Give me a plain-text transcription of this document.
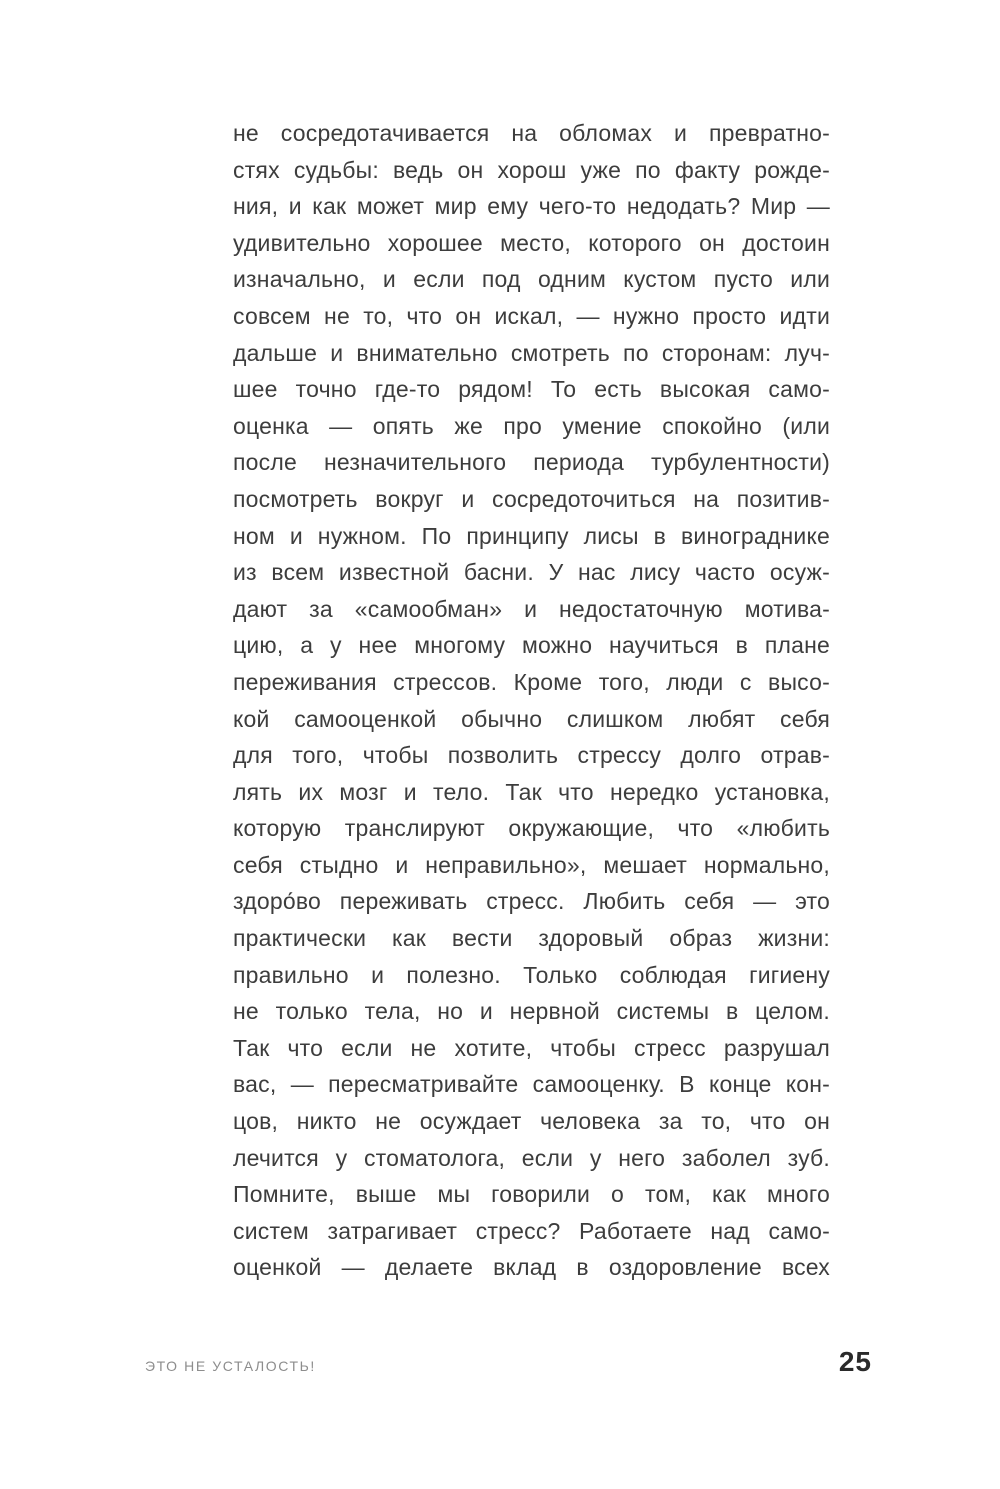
не сосредотачивается на обломах и превратно-

стях судьбы: ведь он хорош уже по факту рожде-

ния, и как может мир ему чего-то недодать? Мир —

удивительно хорошее место, которого он достоин

изначально, и если под одним кустом пусто или

совсем не то, что он искал, — нужно просто идти

дальше и внимательно смотреть по сторонам: луч-

шее точно где-то рядом! То есть высокая само-

оценка — опять же про умение спокойно (или

после незначительного периода турбулентности)

посмотреть вокруг и сосредоточиться на позитив-

ном и нужном. По принципу лисы в винограднике

из всем известной басни. У нас лису часто осуж-

дают за «самообман» и недостаточную мотива-

цию, а у нее многому можно научиться в плане

переживания стрессов. Кроме того, люди с высо-

кой самооценкой обычно слишком любят себя

для того, чтобы позволить стрессу долго отрав-

лять их мозг и тело. Так что нередко установка,

которую транслируют окружающие, что «любить

себя стыдно и неправильно», мешает нормально,

здоро́во переживать стресс. Любить себя — это

практически как вести здоровый образ жизни:

правильно и полезно. Только соблюдая гигиену

не только тела, но и нервной системы в целом.

Так что если не хотите, чтобы стресс разрушал

вас, — пересматривайте самооценку. В конце кон-

цов, никто не осуждает человека за то, что он

лечится у стоматолога, если у него заболел зуб.

Помните, выше мы говорили о том, как много

систем затрагивает стресс? Работаете над само-

оценкой — делаете вклад в оздоровление всех

ЭТО НЕ УСТАЛОСТЬ!	25
